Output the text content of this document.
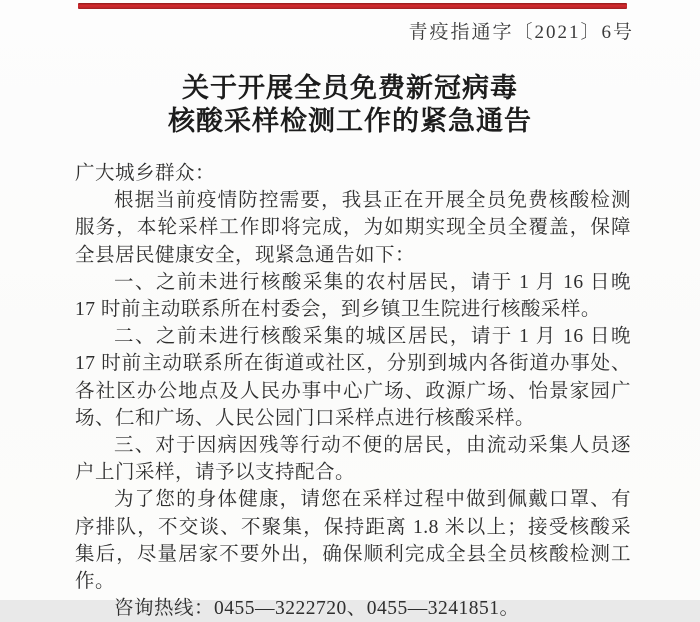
青疫指通字〔2021〕6号
关于开展全员免费新冠病毒
核酸采样检测工作的紧急通告

广大城乡群众：

根据当前疫情防控需要，我县正在开展全员免费核酸检测服务，本轮采样工作即将完成，为如期实现全员全覆盖，保障全县居民健康安全，现紧急通告如下：

一、之前未进行核酸采集的农村居民，请于 1 月 16 日晚 17 时前主动联系所在村委会，到乡镇卫生院进行核酸采样。

二、之前未进行核酸采集的城区居民，请于 1 月 16 日晚 17 时前主动联系所在街道或社区，分别到城内各街道办事处、各社区办公地点及人民办事中心广场、政源广场、怡景家园广场、仁和广场、人民公园门口采样点进行核酸采样。

三、对于因病因残等行动不便的居民，由流动采集人员逐户上门采样，请予以支持配合。

为了您的身体健康，请您在采样过程中做到佩戴口罩、有序排队，不交谈、不聚集，保持距离 1.8 米以上；接受核酸采集后，尽量居家不要外出，确保顺利完成全县全员核酸检测工作。

咨询热线：0455—3222720、0455—3241851。
